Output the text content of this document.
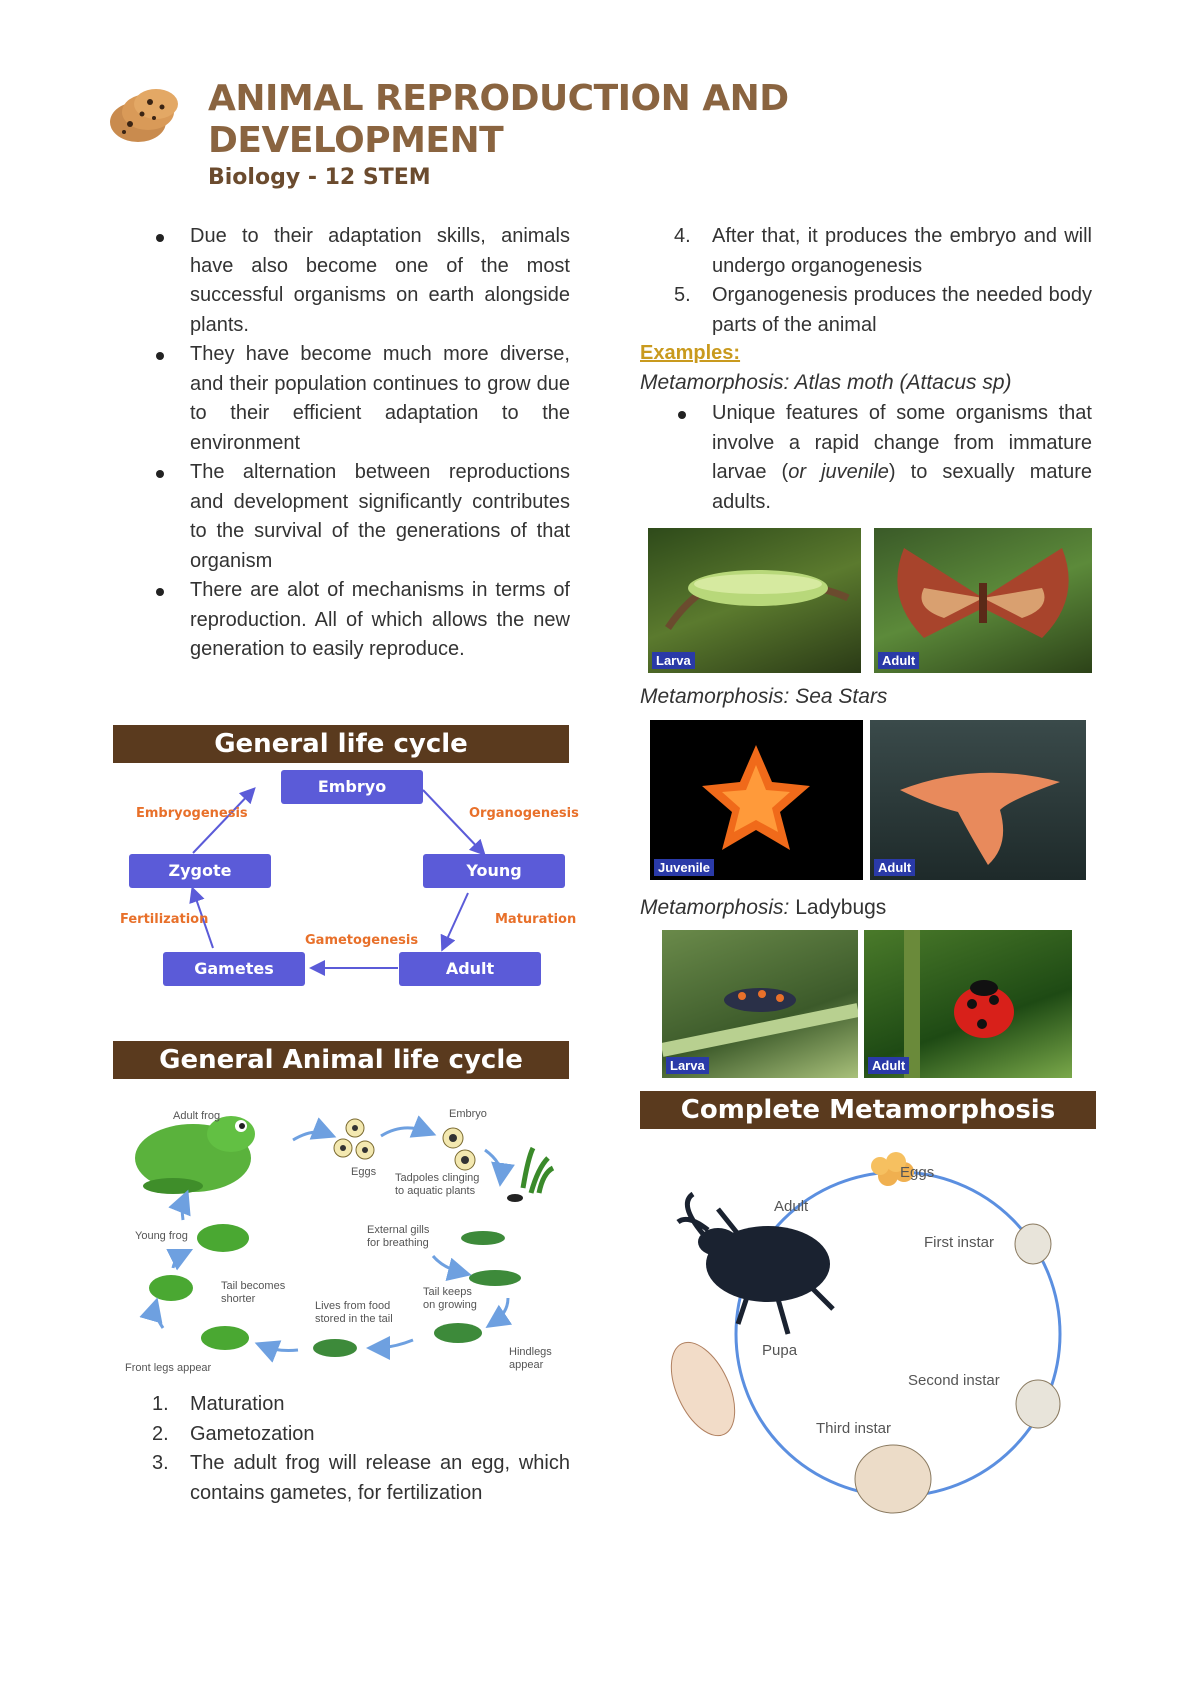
ANIMAL REPRODUCTION AND
DEVELOPMENT
Biology - 12 STEM
Due to their adaptation skills, animals have also become one of the most successful organisms on earth alongside plants.
They have become much more diverse, and their population continues to grow due to their efficient adaptation to the environment
The alternation between reproductions and development significantly contributes to the survival of the generations of that organism
There are alot of mechanisms in terms of reproduction. All of which allows the new generation to easily reproduce.
General life cycle
Embryo
Zygote	Young
Gametes	Adult
Embryogenesis	Organogenesis
Fertilization	Maturation
Gametogenesis
General Animal life cycle
Adult frog	Embryo
Eggs Tadpoles clinging
to aquatic plants
Young frog	External gills
for breathing
Tail becomes
shorter
Tail keeps
on growing
Lives from food
stored in the tail
Front legs appear
Hindlegs
appear
1. Maturation
2. Gametozation
3. The adult frog will release an egg, which contains gametes, for fertilization
4. After that, it produces the embryo and will undergo organogenesis
5. Organogenesis produces the needed body parts of the animal
Examples:
Metamorphosis: Atlas moth (Attacus sp)
Unique features of some organisms that involve a rapid change from immature larvae (or juvenile) to sexually mature adults.
Larva	Adult
Metamorphosis: Sea Stars
Juvenile	Adult
Metamorphosis: Ladybugs
Larva	Adult
Complete Metamorphosis
Eggs
Adult
First instar
Pupa
Second instar
Third instar
